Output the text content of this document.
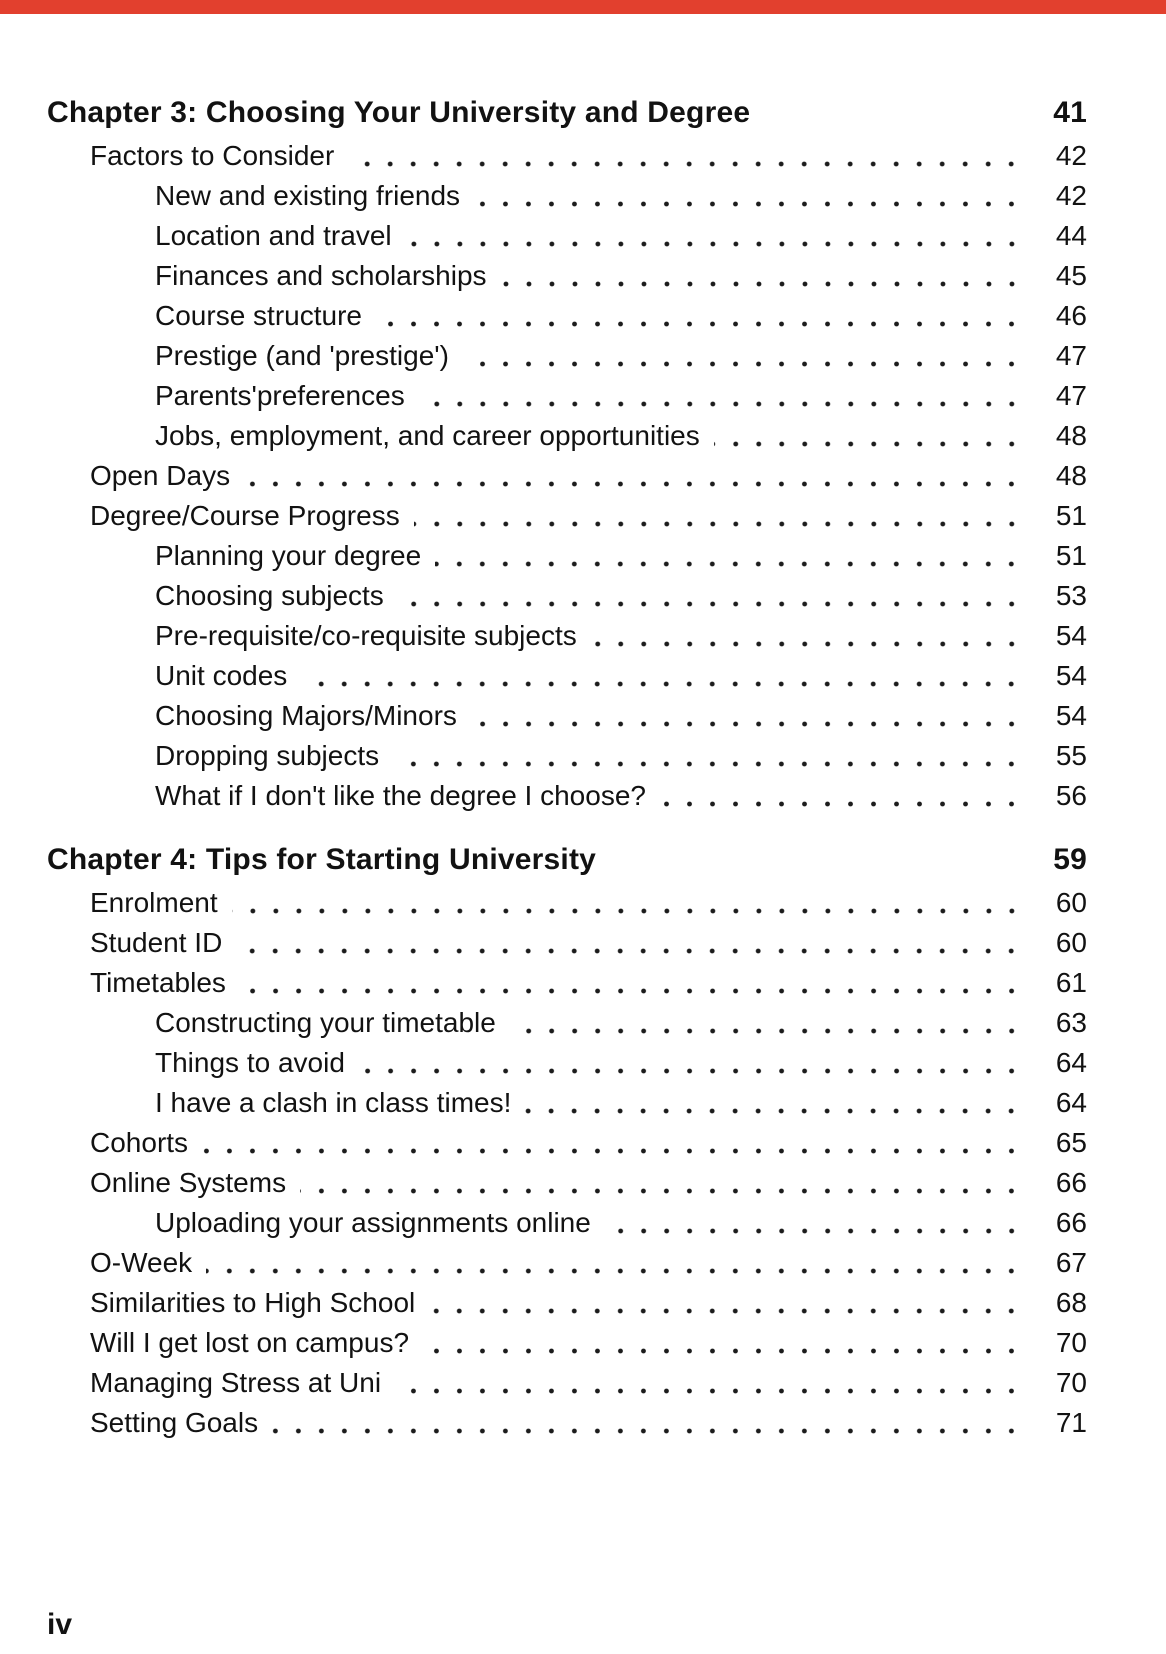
Chapter 3: Choosing Your University and Degree	41
Factors to Consider	42
New and existing friends	42
Location and travel	44
Finances and scholarships	45
Course structure	46
Prestige (and 'prestige')	47
Parents'preferences	47
Jobs, employment, and career opportunities	48
Open Days	48
Degree/Course Progress	51
Planning your degree	51
Choosing subjects	53
Pre-requisite/co-requisite subjects	54
Unit codes	54
Choosing Majors/Minors	54
Dropping subjects	55
What if I don't like the degree I choose?	56
Chapter 4: Tips for Starting University	59
Enrolment	60
Student ID	60
Timetables	61
Constructing your timetable	63
Things to avoid	64
I have a clash in class times!	64
Cohorts	65
Online Systems	66
Uploading your assignments online	66
O-Week	67
Similarities to High School	68
Will I get lost on campus?	70
Managing Stress at Uni	70
Setting Goals	71
iv
